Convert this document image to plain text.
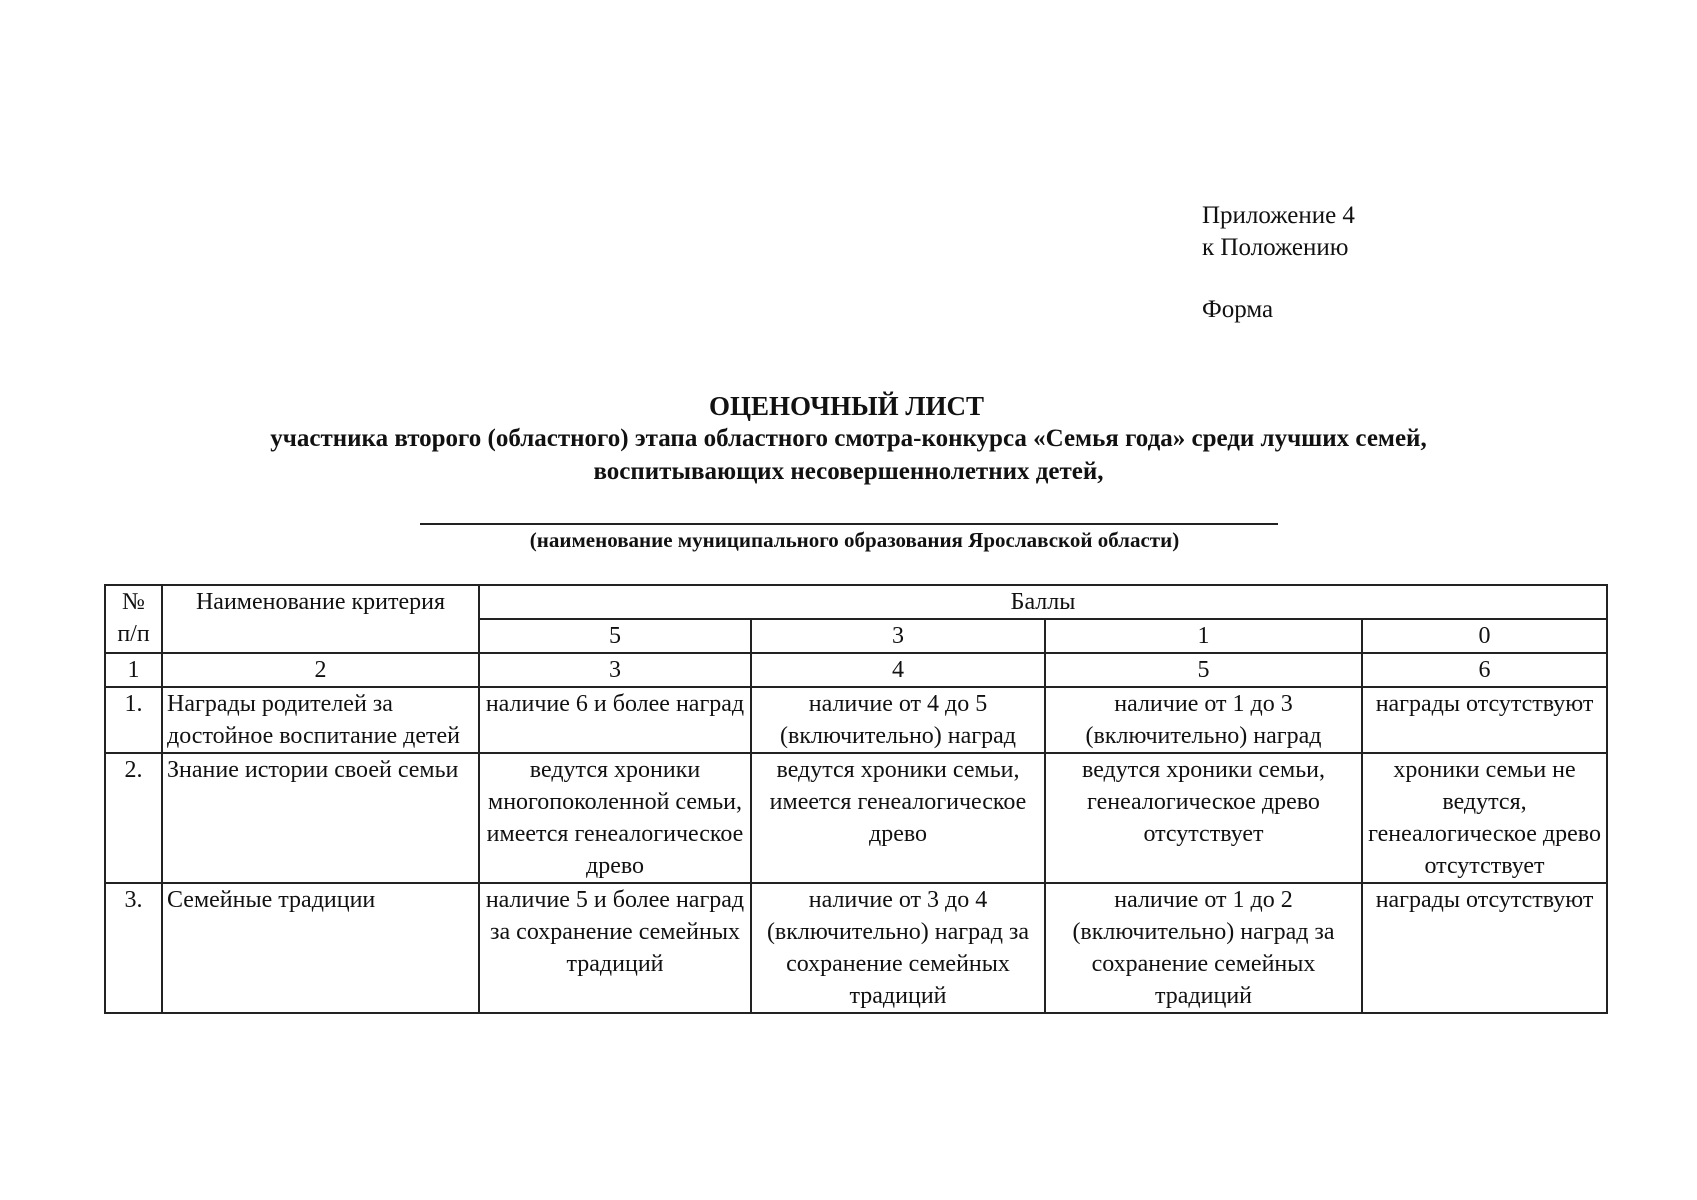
Приложение 4
к Положению
Форма
ОЦЕНОЧНЫЙ ЛИСТ
участника второго (областного) этапа областного смотра-конкурса «Семья года» среди лучших семей,
воспитывающих несовершеннолетних детей,
(наименование муниципального образования Ярославской области)
№ п/п	Наименование критерия	Баллы			
		5	3	1	0
1	2	3	4	5	6
1.	Награды родителей за достойное воспитание детей	наличие 6 и более наград	наличие от 4 до 5 (включительно) наград	наличие от 1 до 3 (включительно) наград	награды отсутствуют
2.	Знание истории своей семьи	ведутся хроники многопоколенной семьи, имеется генеалогическое древо	ведутся хроники семьи, имеется генеалогическое древо	ведутся хроники семьи, генеалогическое древо отсутствует	хроники семьи не ведутся, генеалогическое древо отсутствует
3.	Семейные традиции	наличие 5 и более наград за сохранение семейных традиций	наличие от 3 до 4 (включительно) наград за сохранение семейных традиций	наличие от 1 до 2 (включительно) наград за сохранение семейных традиций	награды отсутствуют
